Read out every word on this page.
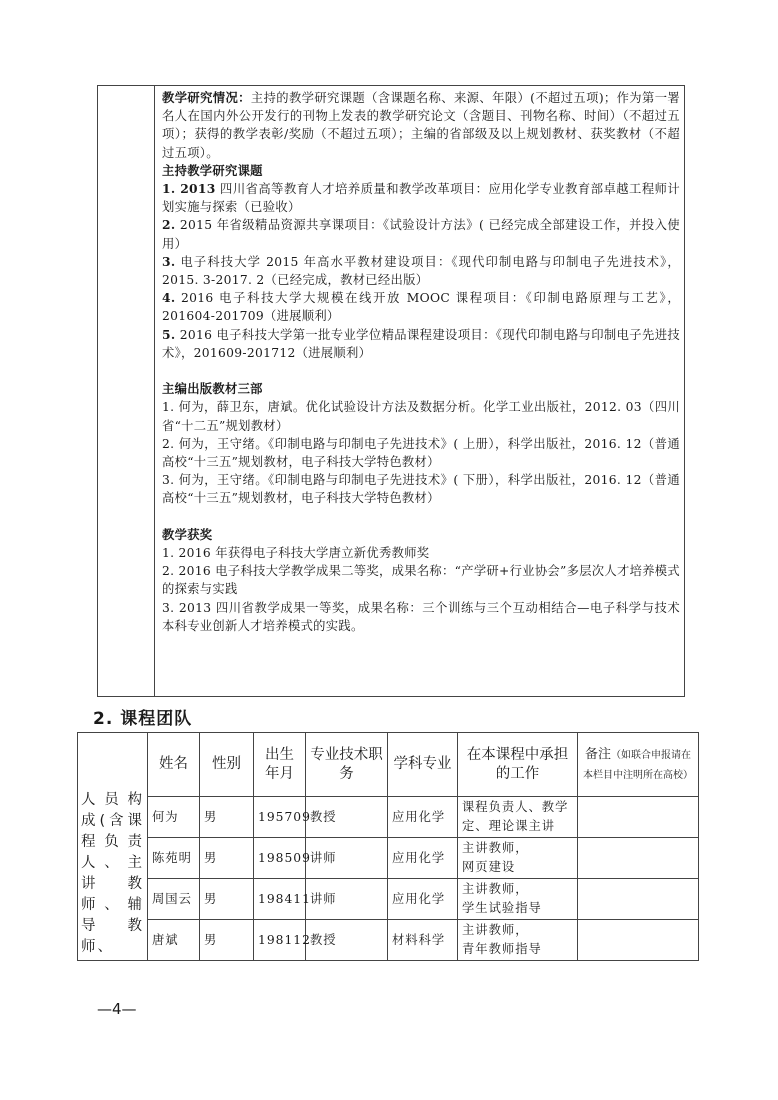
教学研究情况：主持的教学研究课题（含课题名称、来源、年限）(不超过五项)；作为第一署名人在国内外公开发行的刊物上发表的教学研究论文（含题目、刊物名称、时间）（不超过五项）；获得的教学表彰/奖励（不超过五项）；主编的省部级及以上规划教材、获奖教材（不超过五项）。

主持教学研究课题

1. 2013 四川省高等教育人才培养质量和教学改革项目：应用化学专业教育部卓越工程师计划实施与探索（已验收）

2. 2015 年省级精品资源共享课项目：《试验设计方法》( 已经完成全部建设工作，并投入使用）

3. 电子科技大学 2015 年高水平教材建设项目：《现代印制电路与印制电子先进技术》，2015. 3-2017. 2（已经完成，教材已经出版）

4. 2016 电子科技大学大规模在线开放 MOOC 课程项目：《印制电路原理与工艺》，201604-201709（进展顺利）

5. 2016 电子科技大学第一批专业学位精品课程建设项目：《现代印制电路与印制电子先进技术》，201609-201712（进展顺利）

主编出版教材三部

1. 何为，薛卫东，唐斌。优化试验设计方法及数据分析。化学工业出版社，2012. 03（四川省“十二五”规划教材）

2. 何为，王守绪。《印制电路与印制电子先进技术》( 上册），科学出版社，2016. 12（普通高校“十三五”规划教材，电子科技大学特色教材）

3. 何为，王守绪。《印制电路与印制电子先进技术》( 下册），科学出版社，2016. 12（普通高校“十三五”规划教材，电子科技大学特色教材）

教学获奖

1. 2016 年获得电子科技大学唐立新优秀教师奖

2. 2016 电子科技大学教学成果二等奖，成果名称：“产学研+行业协会”多层次人才培养模式的探索与实践

3. 2013 四川省教学成果一等奖，成果名称：三个训练与三个互动相结合—电子科学与技术本科专业创新人才培养模式的实践。

2. 课程团队
人员构成(含课程负责人、主讲教师、辅导教师、	姓名	性别	出生年月	专业技术职务	学科专业	在本课程中承担的工作	备注（如联合申报请在本栏目中注明所在高校）
	何为	男	195709	教授	应用化学	课程负责人、教学
定、理论课主讲	

	陈苑明	男	198509	讲师	应用化学	主讲教师，
网页建设	

	周国云	男	198411	讲师	应用化学	主讲教师，
学生试验指导	

	唐斌	男	198112	教授	材料科学	主讲教师，
青年教师指导	

—4—
